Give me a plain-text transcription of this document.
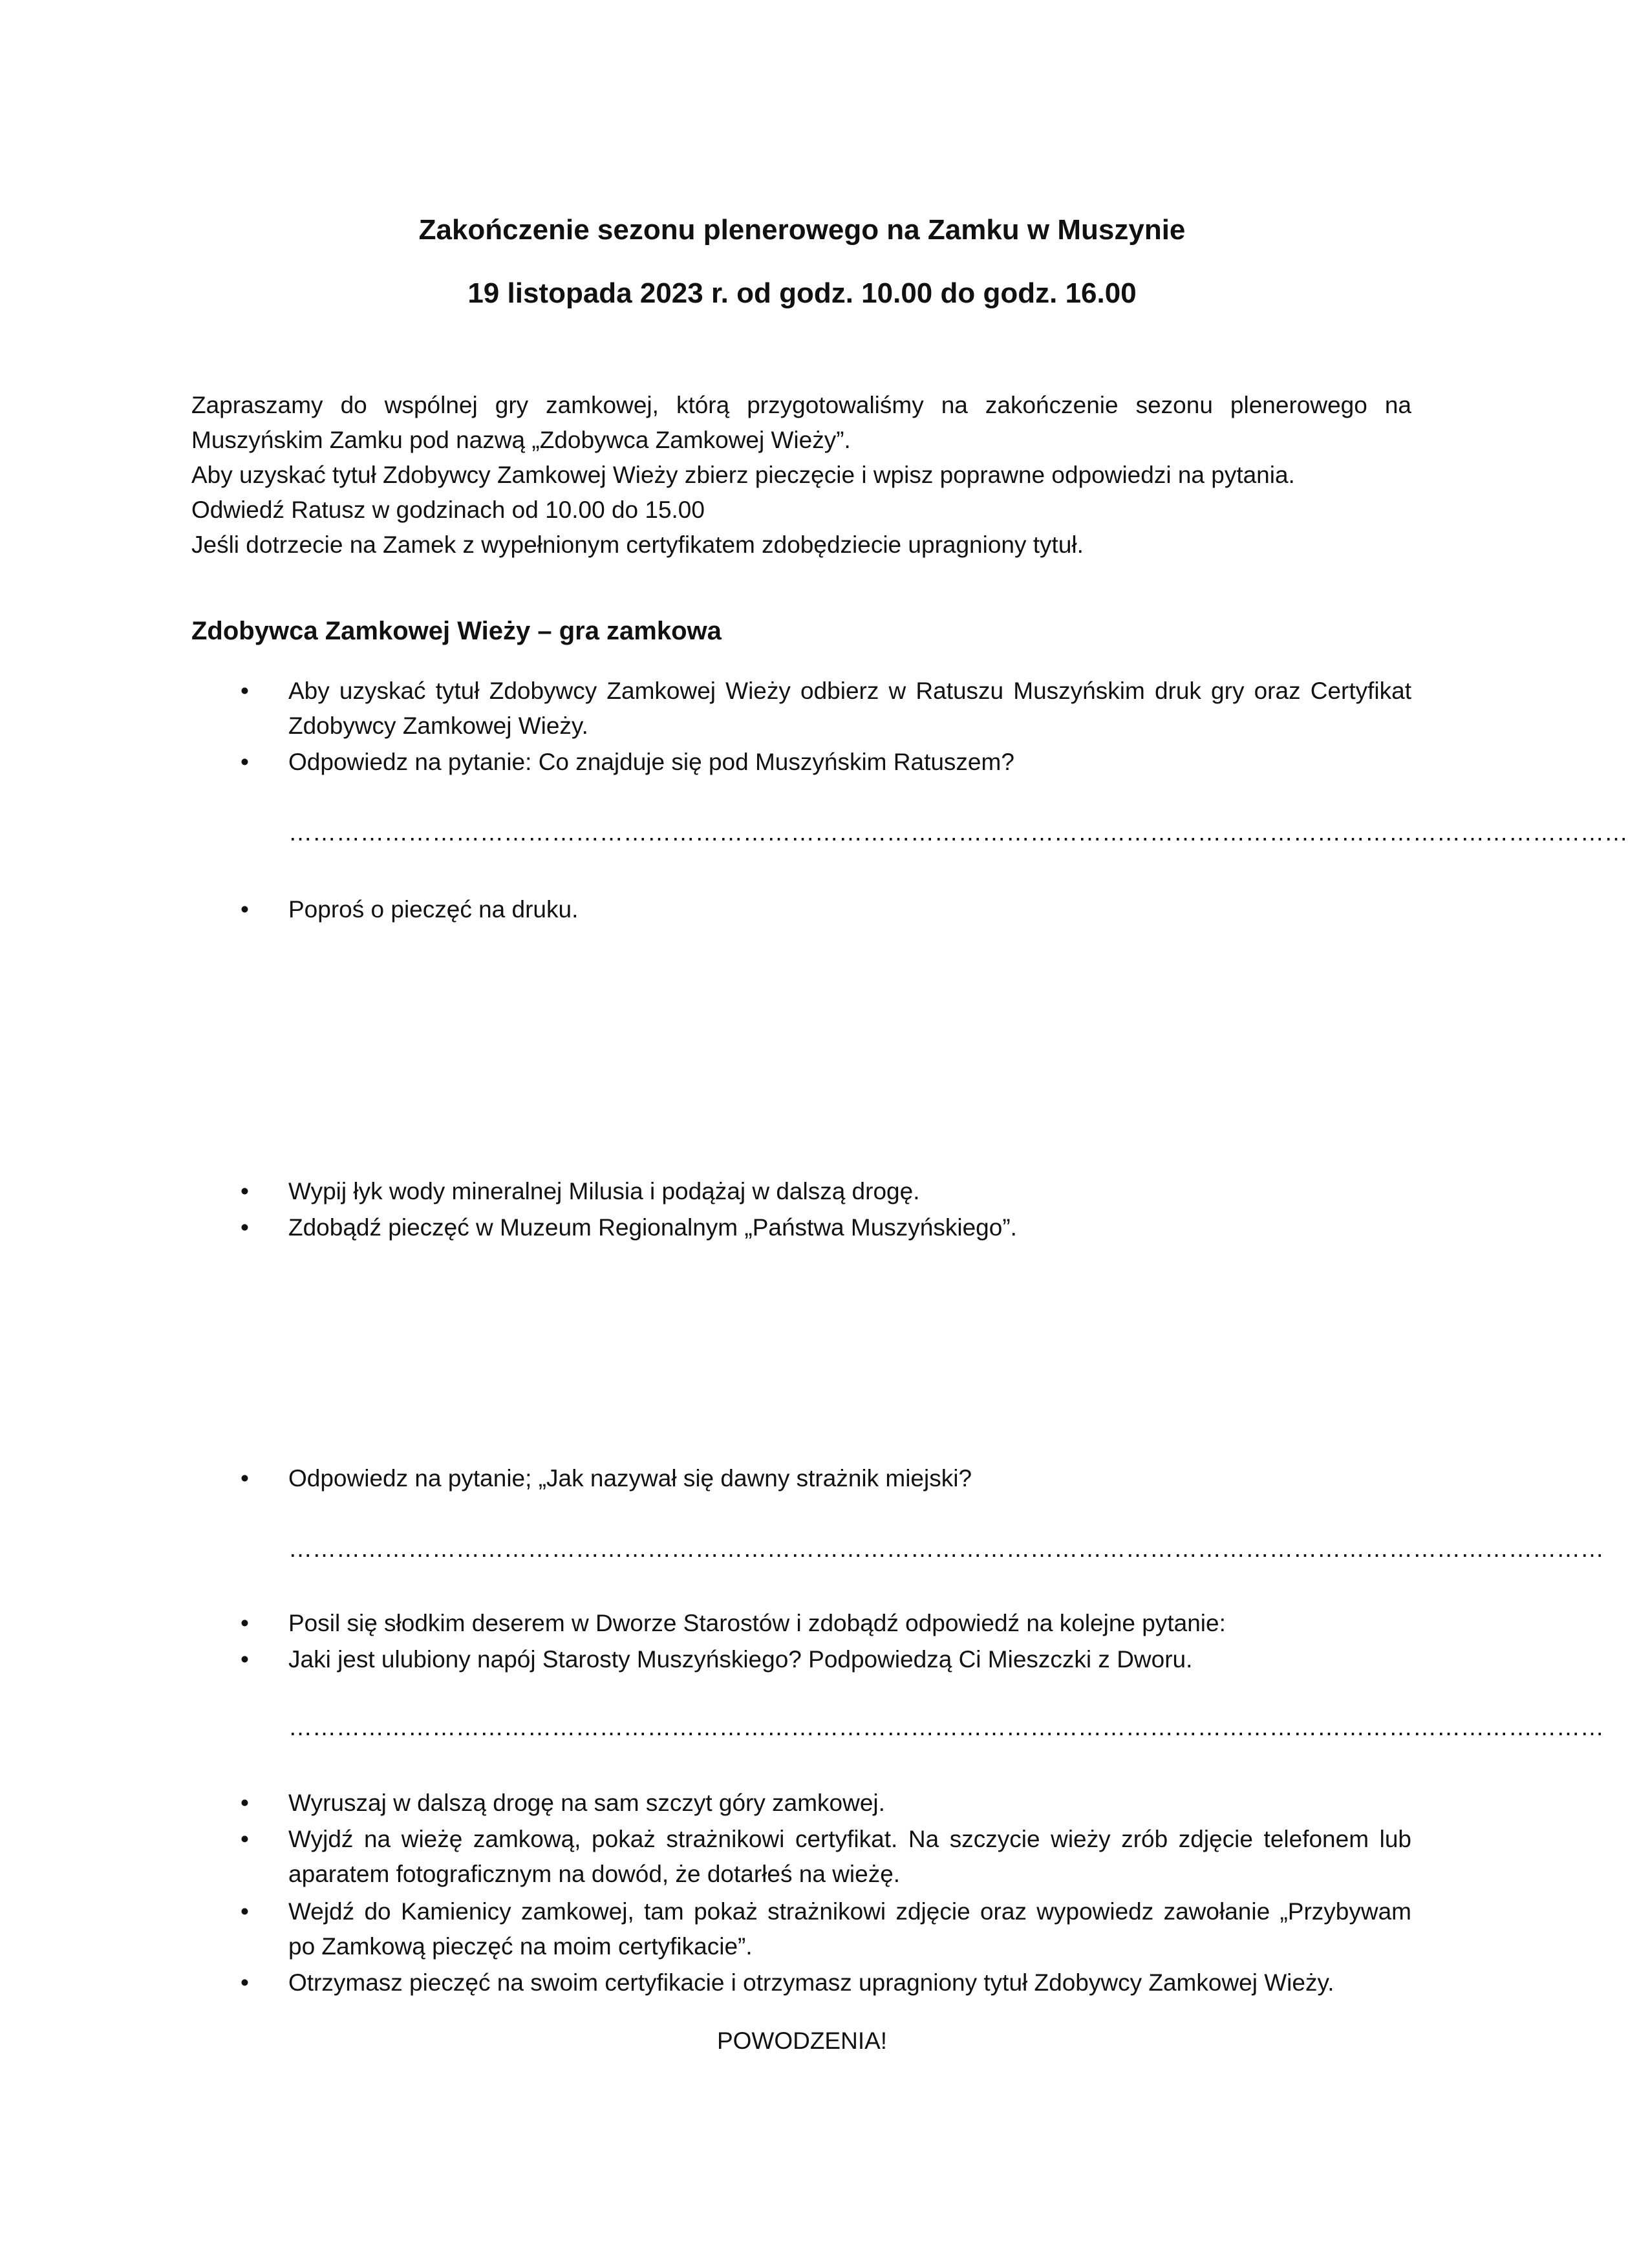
Zakończenie sezonu plenerowego na Zamku w Muszynie
19 listopada 2023 r. od godz. 10.00 do godz. 16.00
Zapraszamy do wspólnej gry zamkowej, którą przygotowaliśmy na zakończenie sezonu plenerowego na
Muszyńskim Zamku pod nazwą „Zdobywca Zamkowej Wieży”.
Aby uzyskać tytuł Zdobywcy Zamkowej Wieży zbierz pieczęcie i wpisz poprawne odpowiedzi na pytania.
Odwiedź Ratusz w godzinach od 10.00 do 15.00
Jeśli dotrzecie na Zamek z wypełnionym certyfikatem zdobędziecie upragniony tytuł.
Zdobywca Zamkowej Wieży – gra zamkowa
•	Aby uzyskać tytuł Zdobywcy Zamkowej Wieży odbierz w Ratuszu Muszyńskim druk gry oraz Certyfikat
Zdobywcy Zamkowej Wieży.
•	Odpowiedz na pytanie: Co znajduje się pod Muszyńskim Ratuszem?
……………………………………………………………………………………………………………………………………………………
•	Poproś o pieczęć na druku.
•	Wypij łyk wody mineralnej Milusia i podążaj w dalszą drogę.
•	Zdobądź pieczęć w Muzeum Regionalnym „Państwa Muszyńskiego”.
•	Odpowiedz na pytanie; „Jak nazywał się dawny strażnik miejski?
…………………………………………………………………………………………………………………………………………………
•	Posil się słodkim deserem w Dworze Starostów i zdobądź odpowiedź na kolejne pytanie:
•	Jaki jest ulubiony napój Starosty Muszyńskiego? Podpowiedzą Ci Mieszczki z Dworu.
…………………………………………………………………………………………………………………………………………………
•	Wyruszaj w dalszą drogę na sam szczyt góry zamkowej.
•	Wyjdź na wieżę zamkową, pokaż strażnikowi certyfikat. Na szczycie wieży zrób zdjęcie telefonem lub
aparatem fotograficznym na dowód, że dotarłeś na wieżę.
•	Wejdź do Kamienicy zamkowej, tam pokaż strażnikowi zdjęcie oraz wypowiedz zawołanie „Przybywam
po Zamkową pieczęć na moim certyfikacie”.
•	Otrzymasz pieczęć na swoim certyfikacie i otrzymasz upragniony tytuł Zdobywcy Zamkowej Wieży.
POWODZENIA!
